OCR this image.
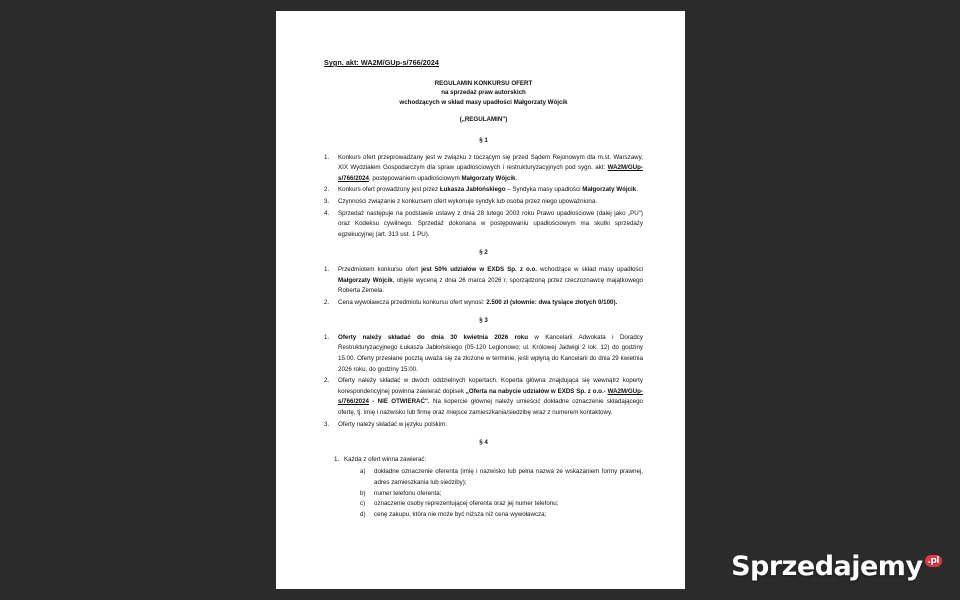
Sygn. akt: WA2M/GUp-s/766/2024
REGULAMIN KONKURSU OFERT
na sprzedaż praw autorskich
wchodzących w skład masy upadłości Małgorzaty Wójcik
(„REGULAMIN")
§ 1
1. Konkurs ofert przeprowadzany jest w związku z toczącym się przed Sądem Rejonowym dla m.st. Warszawy, XIX Wydziałem Gospodarczym dla spraw upadłościowych i restrukturyzacyjnych pod sygn. akt: WA2M/GUp-s/766/2024, postępowaniem upadłościowym Małgorzaty Wójcik.
2. Konkurs ofert prowadzony jest przez Łukasza Jabłońskiego – Syndyka masy upadłości Małgorzaty Wójcik.
3. Czynności związanie z konkursem ofert wykonuje syndyk lub osoba przez niego upoważniona.
4. Sprzedaż następuje na podstawie ustawy z dnia 28 lutego 2003 roku Prawo upadłościowe (dalej jako „PU") oraz Kodeksu cywilnego. Sprzedaż dokonana w postępowaniu upadłościowym ma skutki sprzedaży egzekucyjnej (art. 313 ust. 1 PU).
§ 2
1. Przedmiotem konkursu ofert jest 50% udziałów w EXDS Sp. z o.o. wchodzące w skład masy upadłości Małgorzaty Wójcik, objęte wyceną z dnia 26 marca 2026 r. sporządzoną przez rzeczoznawcę majątkowego Roberta Zemela.
2. Cena wywoławcza przedmiotu konkursu ofert wynosi: 2.500 zł (słownie: dwa tysiące złotych 0/100).
§ 3
1. Oferty należy składać do dnia 30 kwietnia 2026 roku w Kancelarii Adwokata i Doradcy Restrukturyzacyjnego Łukasza Jabłońskiego (05-120 Legionowo; ul. Królowej Jadwigi 2 lok. 12) do godziny 15.00. Oferty przesłane pocztą uważa się za złożone w terminie, jeśli wpłyną do Kancelarii do dnia 29 kwietnia 2026 roku, do godziny 15:00.
2. Oferty należy składać w dwóch oddzielnych kopertach. Koperta główna znajdująca się wewnątrz koperty korespondencyjnej powinna zawierać dopisek „Oferta na nabycie udziałów w EXDS Sp. z o.o.- WA2M/GUp-s/766/2024 - NIE OTWIERAĆ". Na kopercie głównej należy umieścić dokładne oznaczenie składającego ofertę, tj. imię i nazwisko lub firmę oraz miejsce zamieszkania/siedzibę wraz z numerem kontaktowy.
3. Oferty należy składać w języku polskim.
§ 4
1. Każda z ofert winna zawierać:
a) dokładne oznaczenie oferenta (imię i nazwisko lub pełna nazwa ze wskazaniem formy prawnej, adres zamieszkania lub siedziby);
b) numer telefonu oferenta;
c) oznaczenie osoby reprezentującej oferenta oraz jej numer telefonu;
d) cenę zakupu, która nie może być niższa niż cena wywoławcza;
Sprzedajemy .pl
